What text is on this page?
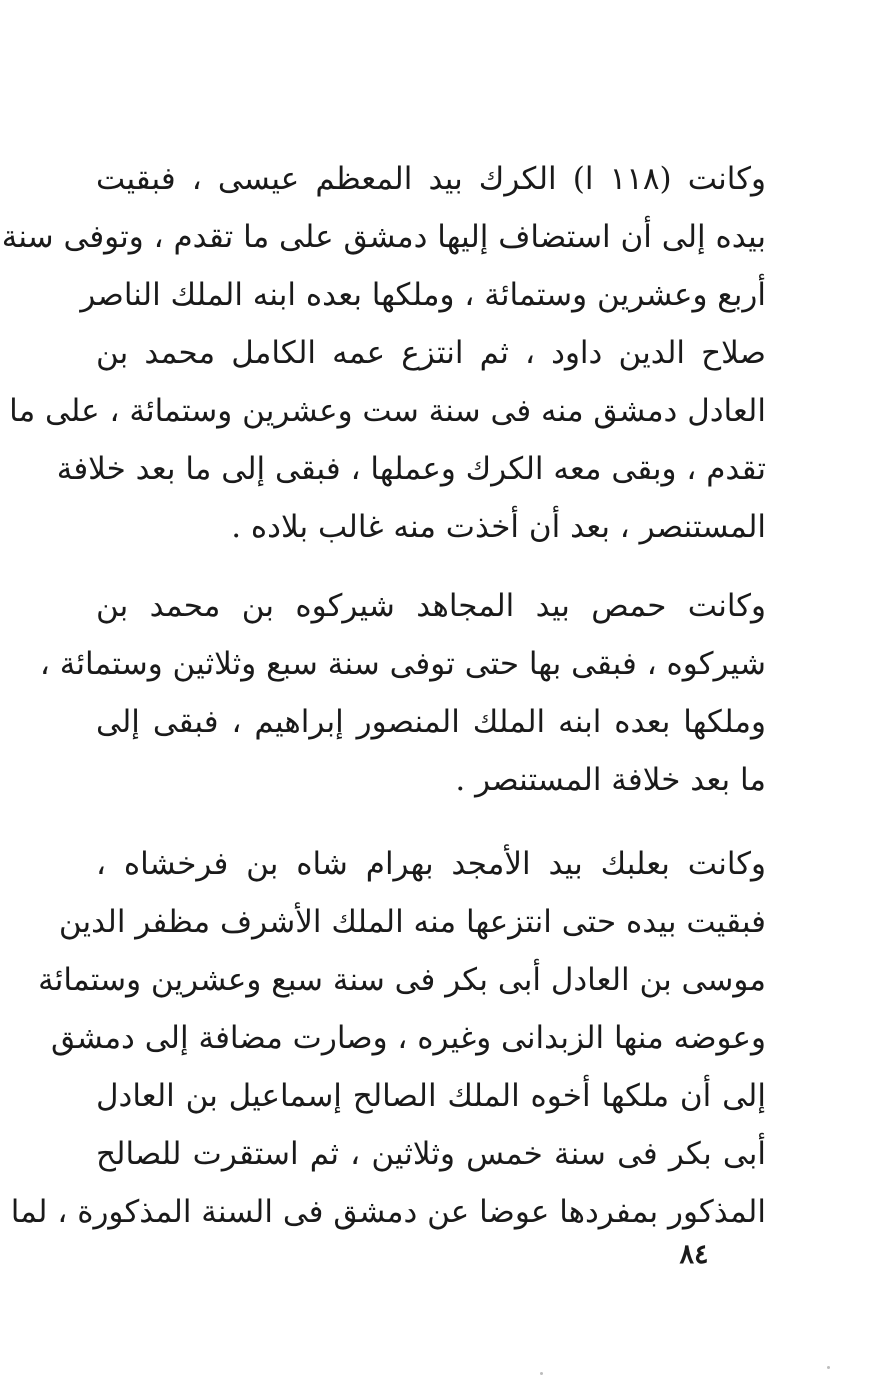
وكانت (١١٨ ا) الكرك بيد المعظم عيسى ، فبقيت
بيده إلى أن استضاف إليها دمشق على ما تقدم ، وتوفى سنة
أربع وعشرين وستمائة ، وملكها بعده ابنه الملك الناصر
صلاح الدين داود ، ثم انتزع عمه الكامل محمد بن
العادل دمشق منه فى سنة ست وعشرين وستمائة ، على ما
تقدم ، وبقى معه الكرك وعملها ، فبقى إلى ما بعد خلافة
المستنصر ، بعد أن أخذت منه غالب بلاده .
وكانت حمص بيد المجاهد شيركوه بن محمد بن
شيركوه ، فبقى بها حتى توفى سنة سبع وثلاثين وستمائة ،
وملكها بعده ابنه الملك المنصور إبراهيم ، فبقى إلى
ما بعد خلافة المستنصر .
وكانت بعلبك بيد الأمجد بهرام شاه بن فرخشاه ،
فبقيت بيده حتى انتزعها منه الملك الأشرف مظفر الدين
موسى بن العادل أبى بكر فى سنة سبع وعشرين وستمائة
وعوضه منها الزبدانى وغيره ، وصارت مضافة إلى دمشق
إلى أن ملكها أخوه الملك الصالح إسماعيل بن العادل
أبى بكر فى سنة خمس وثلاثين ، ثم استقرت للصالح
المذكور بمفردها عوضا عن دمشق فى السنة المذكورة ، لما
٨٤
